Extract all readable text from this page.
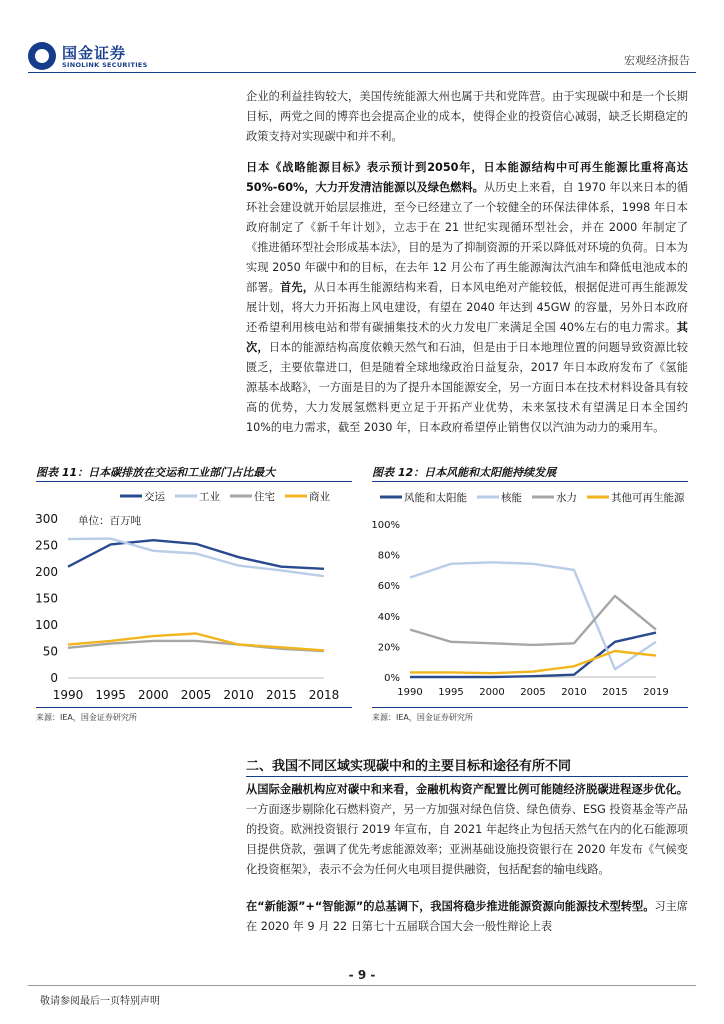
国金证券
SINOLINK SECURITIES	宏观经济报告
企业的利益挂钩较大，美国传统能源大州也属于共和党阵营。由于实现碳中和是一个长期目标，两党之间的博弈也会提高企业的成本，使得企业的投资信心减弱，缺乏长期稳定的政策支持对实现碳中和并不利。
日本《战略能源目标》表示预计到2050年，日本能源结构中可再生能源比重将高达 50%-60%，大力开发清洁能源以及绿色燃料。从历史上来看，自 1970 年以来日本的循环社会建设就开始层层推进，至今已经建立了一个较健全的环保法律体系，1998 年日本政府制定了《新千年计划》，立志于在 21 世纪实现循环型社会，并在 2000 年制定了《推进循环型社会形成基本法》，目的是为了抑制资源的开采以降低对环境的负荷。日本为实现 2050 年碳中和的目标，在去年 12 月公布了再生能源淘汰汽油车和降低电池成本的部署。首先，从日本再生能源结构来看，日本风电绝对产能较低，根据促进可再生能源发展计划，将大力开拓海上风电建设，有望在 2040 年达到 45GW 的容量，另外日本政府还希望利用核电站和带有碳捕集技术的火力发电厂来满足全国 40%左右的电力需求。其次，日本的能源结构高度依赖天然气和石油，但是由于日本地理位置的问题导致资源比较匮乏，主要依靠进口，但是随着全球地缘政治日益复杂，2017 年日本政府发布了《氢能源基本战略》，一方面是目的为了提升本国能源安全，另一方面日本在技术材料设备具有较高的优势，大力发展氢燃料更立足于开拓产业优势，未来氢技术有望满足日本全国约 10%的电力需求，截至 2030 年，日本政府希望停止销售仅以汽油为动力的乘用车。
图表 11：日本碳排放在交运和工业部门占比最大
交运	工业	住宅	商业
单位：百万吨
0
50
100
150
200
250
300
1990 1995 2000 2005 2010 2015 2018
来源：IEA，国金证券研究所
图表 12：日本风能和太阳能持续发展
风能和太阳能	核能	水力	其他可再生能源
0%
20%
40%
60%
80%
100%
1990 1995 2000 2005 2010 2015 2019
来源：IEA，国金证券研究所
二、我国不同区域实现碳中和的主要目标和途径有所不同
从国际金融机构应对碳中和来看，金融机构资产配置比例可能随经济脱碳进程逐步优化。一方面逐步剔除化石燃料资产，另一方加强对绿色信贷、绿色债券、ESG 投资基金等产品的投资。欧洲投资银行 2019 年宣布，自 2021 年起终止为包括天然气在内的化石能源项目提供贷款，强调了优先考虑能源效率；亚洲基础设施投资银行在 2020 年发布《气候变化投资框架》，表示不会为任何火电项目提供融资，包括配套的输电线路。
在“新能源”+“智能源”的总基调下，我国将稳步推进能源资源向能源技术型转型。习主席在 2020 年 9 月 22 日第七十五届联合国大会一般性辩论上表
- 9 -
敬请参阅最后一页特别声明
